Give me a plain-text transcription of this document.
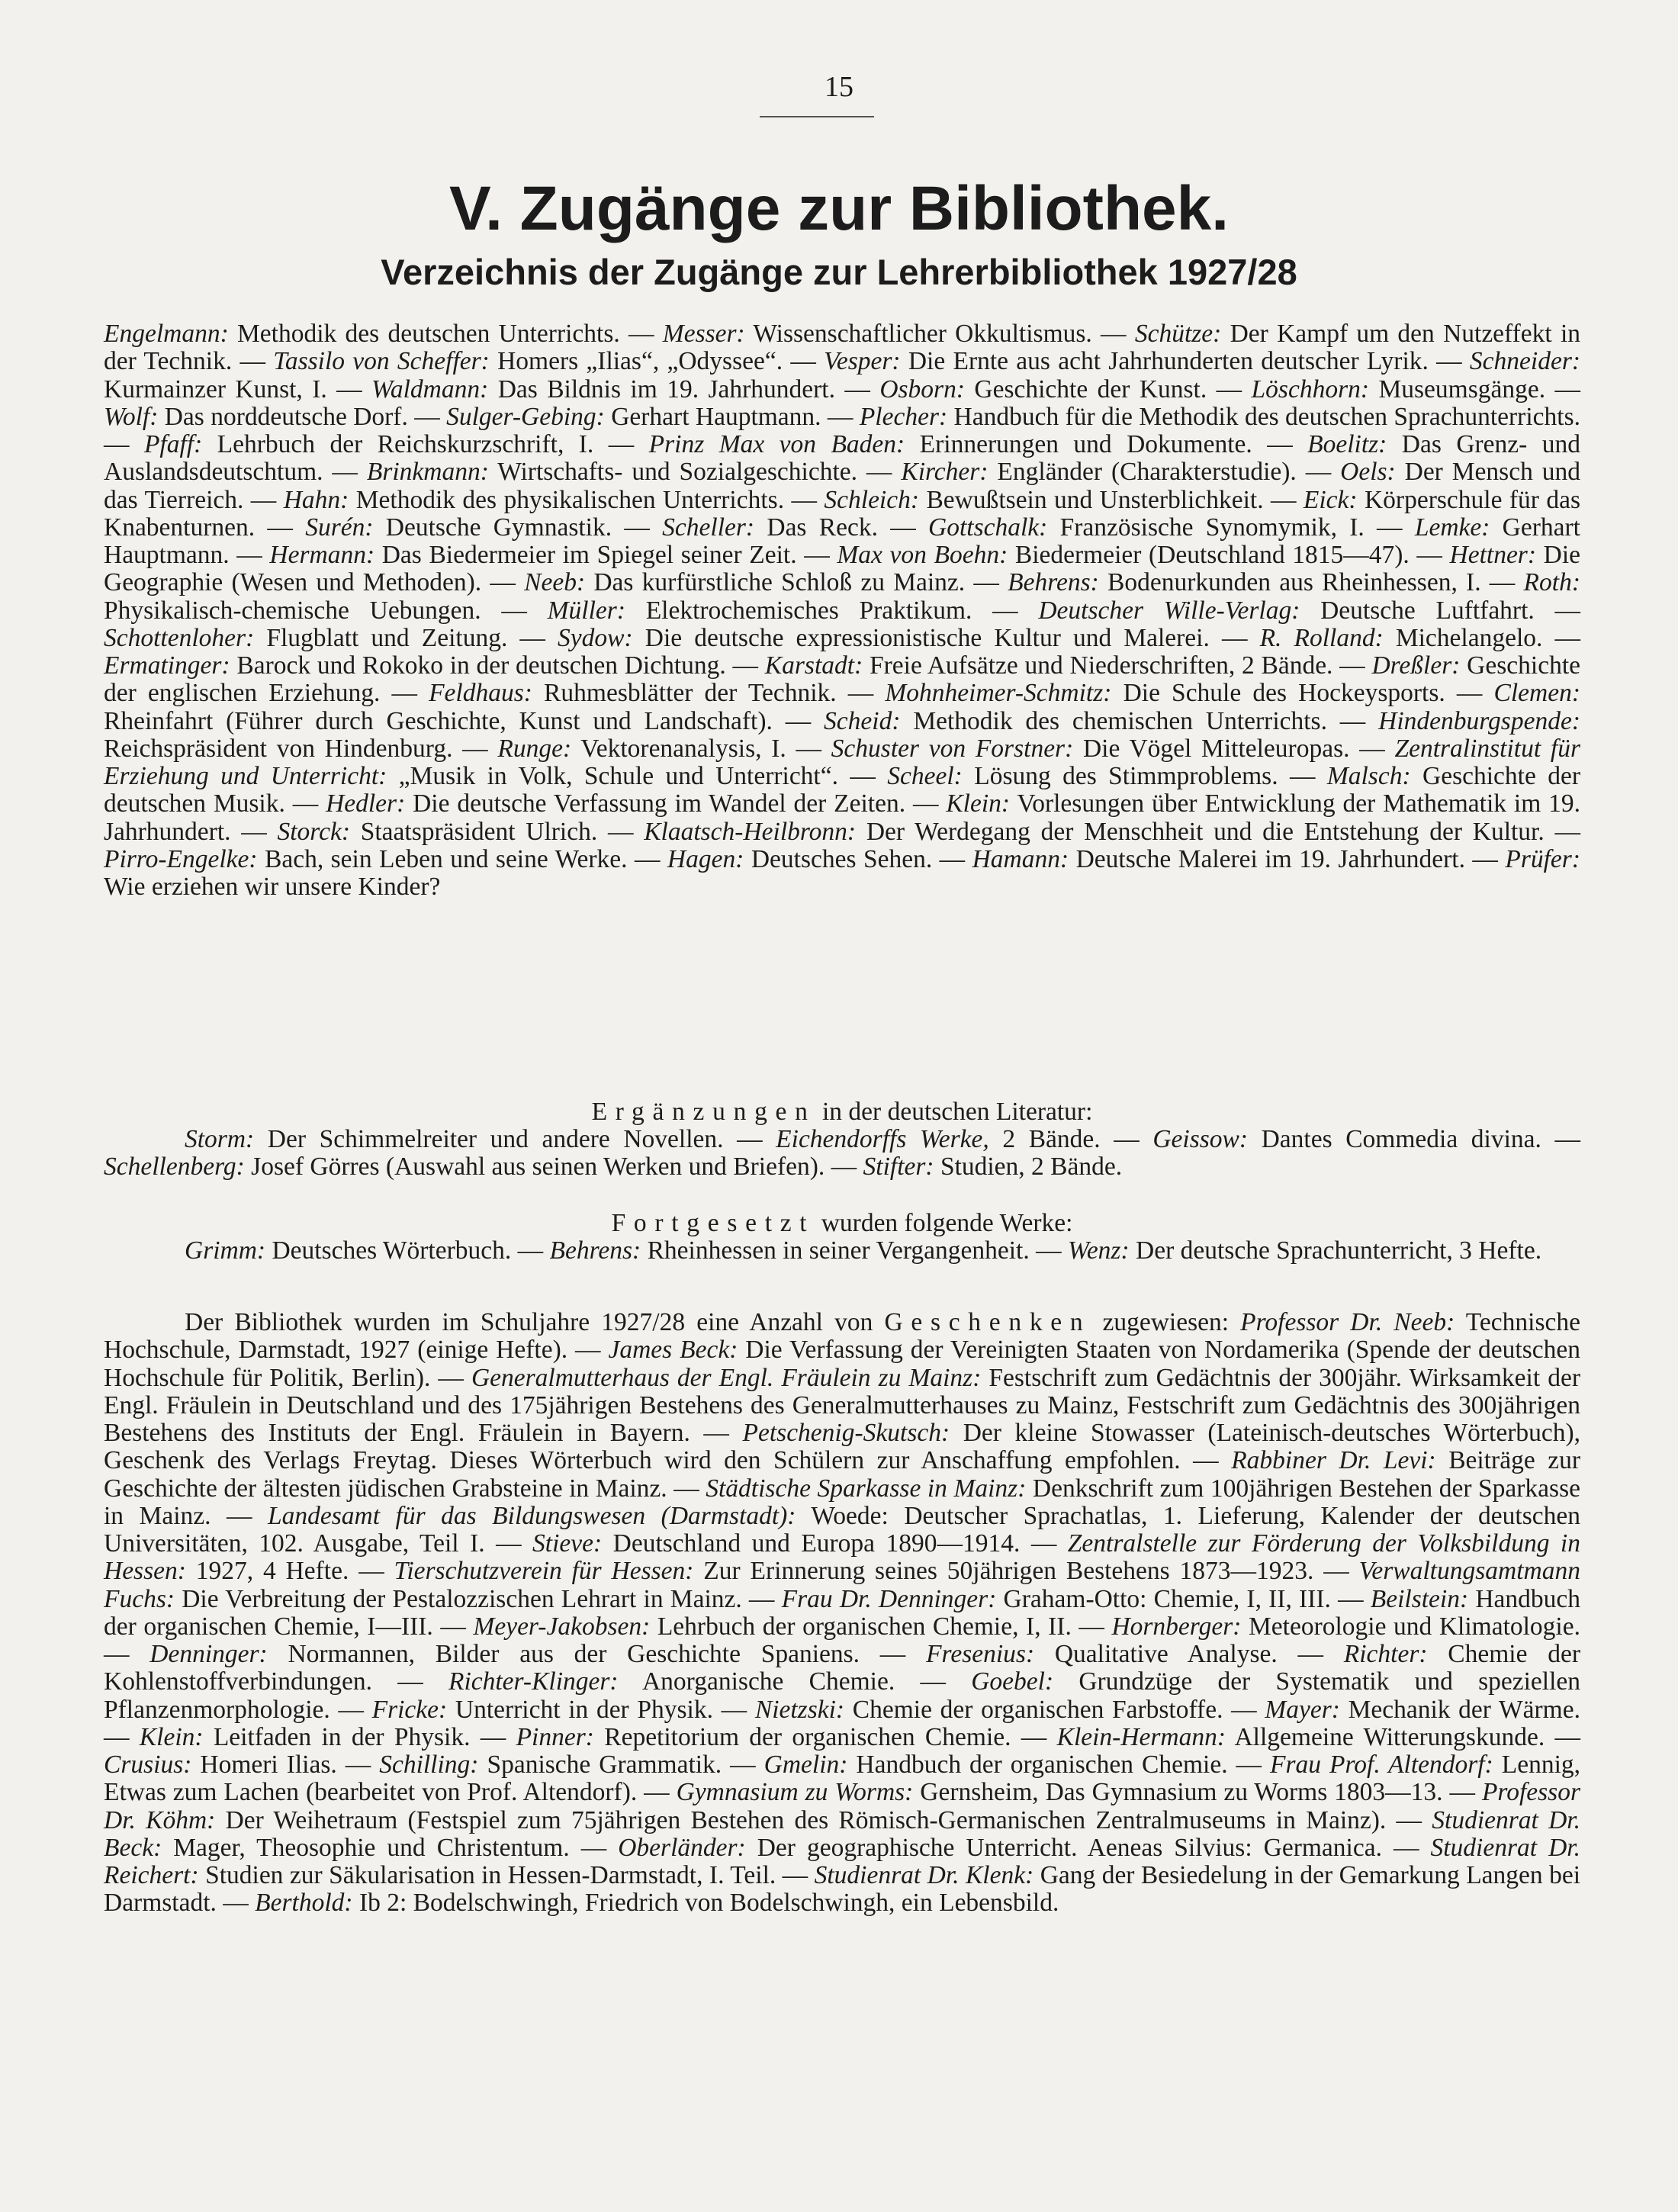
15
V. Zugänge zur Bibliothek.
Verzeichnis der Zugänge zur Lehrerbibliothek 1927/28

Engelmann: Methodik des deutschen Unterrichts. — Messer: Wissenschaftlicher Okkultismus. — Schütze: Der Kampf um den Nutzeffekt in der Technik. — Tassilo von Scheffer: Homers „Ilias“, „Odyssee“. — Vesper: Die Ernte aus acht Jahrhunderten deutscher Lyrik. — Schneider: Kurmainzer Kunst, I. — Waldmann: Das Bildnis im 19. Jahrhundert. — Osborn: Geschichte der Kunst. — Löschhorn: Museumsgänge. — Wolf: Das norddeutsche Dorf. — Sulger-Gebing: Gerhart Hauptmann. — Plecher: Handbuch für die Methodik des deutschen Sprachunterrichts. — Pfaff: Lehrbuch der Reichskurzschrift, I. — Prinz Max von Baden: Erinnerungen und Dokumente. — Boelitz: Das Grenz- und Auslandsdeutschtum. — Brinkmann: Wirtschafts- und Sozialgeschichte. — Kircher: Engländer (Charakterstudie). — Oels: Der Mensch und das Tierreich. — Hahn: Methodik des physikalischen Unterrichts. — Schleich: Bewußtsein und Unsterblichkeit. — Eick: Körperschule für das Knabenturnen. — Surén: Deutsche Gymnastik. — Scheller: Das Reck. — Gottschalk: Französische Synomymik, I. — Lemke: Gerhart Hauptmann. — Hermann: Das Biedermeier im Spiegel seiner Zeit. — Max von Boehn: Biedermeier (Deutschland 1815—47). — Hettner: Die Geographie (Wesen und Methoden). — Neeb: Das kurfürstliche Schloß zu Mainz. — Behrens: Bodenurkunden aus Rheinhessen, I. — Roth: Physikalisch-chemische Uebungen. — Müller: Elektrochemisches Praktikum. — Deutscher Wille-Verlag: Deutsche Luftfahrt. — Schottenloher: Flugblatt und Zeitung. — Sydow: Die deutsche expressionistische Kultur und Malerei. — R. Rolland: Michelangelo. — Ermatinger: Barock und Rokoko in der deutschen Dichtung. — Karstadt: Freie Aufsätze und Niederschriften, 2 Bände. — Dreßler: Geschichte der englischen Erziehung. — Feldhaus: Ruhmesblätter der Technik. — Mohnheimer-Schmitz: Die Schule des Hockeysports. — Clemen: Rheinfahrt (Führer durch Geschichte, Kunst und Landschaft). — Scheid: Methodik des chemischen Unterrichts. — Hindenburgspende: Reichspräsident von Hindenburg. — Runge: Vektorenanalysis, I. — Schuster von Forstner: Die Vögel Mitteleuropas. — Zentralinstitut für Erziehung und Unterricht: „Musik in Volk, Schule und Unterricht“. — Scheel: Lösung des Stimmproblems. — Malsch: Geschichte der deutschen Musik. — Hedler: Die deutsche Verfassung im Wandel der Zeiten. — Klein: Vorlesungen über Entwicklung der Mathematik im 19. Jahrhundert. — Storck: Staatspräsident Ulrich. — Klaatsch-Heilbronn: Der Werdegang der Menschheit und die Entstehung der Kultur. — Pirro-Engelke: Bach, sein Leben und seine Werke. — Hagen: Deutsches Sehen. — Hamann: Deutsche Malerei im 19. Jahrhundert. — Prüfer: Wie erziehen wir unsere Kinder?

Ergänzungen in der deutschen Literatur:

Storm: Der Schimmelreiter und andere Novellen. — Eichendorffs Werke, 2 Bände. — Geissow: Dantes Commedia divina. — Schellenberg: Josef Görres (Auswahl aus seinen Werken und Briefen). — Stifter: Studien, 2 Bände.

Fortgesetzt wurden folgende Werke:

Grimm: Deutsches Wörterbuch. — Behrens: Rheinhessen in seiner Vergangenheit. — Wenz: Der deutsche Sprachunterricht, 3 Hefte.

Der Bibliothek wurden im Schuljahre 1927/28 eine Anzahl von Geschenken zugewiesen: Professor Dr. Neeb: Technische Hochschule, Darmstadt, 1927 (einige Hefte). — James Beck: Die Verfassung der Vereinigten Staaten von Nordamerika (Spende der deutschen Hochschule für Politik, Berlin). — Generalmutterhaus der Engl. Fräulein zu Mainz: Festschrift zum Gedächtnis der 300jähr. Wirksamkeit der Engl. Fräulein in Deutschland und des 175jährigen Bestehens des Generalmutterhauses zu Mainz, Festschrift zum Gedächtnis des 300jährigen Bestehens des Instituts der Engl. Fräulein in Bayern. — Petschenig-Skutsch: Der kleine Stowasser (Lateinisch-deutsches Wörterbuch), Geschenk des Verlags Freytag. Dieses Wörterbuch wird den Schülern zur Anschaffung empfohlen. — Rabbiner Dr. Levi: Beiträge zur Geschichte der ältesten jüdischen Grabsteine in Mainz. — Städtische Sparkasse in Mainz: Denkschrift zum 100jährigen Bestehen der Sparkasse in Mainz. — Landesamt für das Bildungswesen (Darmstadt): Woede: Deutscher Sprachatlas, 1. Lieferung, Kalender der deutschen Universitäten, 102. Ausgabe, Teil I. — Stieve: Deutschland und Europa 1890—1914. — Zentralstelle zur Förderung der Volksbildung in Hessen: 1927, 4 Hefte. — Tierschutzverein für Hessen: Zur Erinnerung seines 50jährigen Bestehens 1873—1923. — Verwaltungsamtmann Fuchs: Die Verbreitung der Pestalozzischen Lehrart in Mainz. — Frau Dr. Denninger: Graham-Otto: Chemie, I, II, III. — Beilstein: Handbuch der organischen Chemie, I—III. — Meyer-Jakobsen: Lehrbuch der organischen Chemie, I, II. — Hornberger: Meteorologie und Klimatologie. — Denninger: Normannen, Bilder aus der Geschichte Spaniens. — Fresenius: Qualitative Analyse. — Richter: Chemie der Kohlenstoffverbindungen. — Richter-Klinger: Anorganische Chemie. — Goebel: Grundzüge der Systematik und speziellen Pflanzenmorphologie. — Fricke: Unterricht in der Physik. — Nietzski: Chemie der organischen Farbstoffe. — Mayer: Mechanik der Wärme. — Klein: Leitfaden in der Physik. — Pinner: Repetitorium der organischen Chemie. — Klein-Hermann: Allgemeine Witterungskunde. — Crusius: Homeri Ilias. — Schilling: Spanische Grammatik. — Gmelin: Handbuch der organischen Chemie. — Frau Prof. Altendorf: Lennig, Etwas zum Lachen (bearbeitet von Prof. Altendorf). — Gymnasium zu Worms: Gernsheim, Das Gymnasium zu Worms 1803—13. — Professor Dr. Köhm: Der Weihetraum (Festspiel zum 75jährigen Bestehen des Römisch-Germanischen Zentralmuseums in Mainz). — Studienrat Dr. Beck: Mager, Theosophie und Christentum. — Oberländer: Der geographische Unterricht. Aeneas Silvius: Germanica. — Studienrat Dr. Reichert: Studien zur Säkularisation in Hessen-Darmstadt, I. Teil. — Studienrat Dr. Klenk: Gang der Besiedelung in der Gemarkung Langen bei Darmstadt. — Berthold: Ib 2: Bodelschwingh, Friedrich von Bodelschwingh, ein Lebensbild.
